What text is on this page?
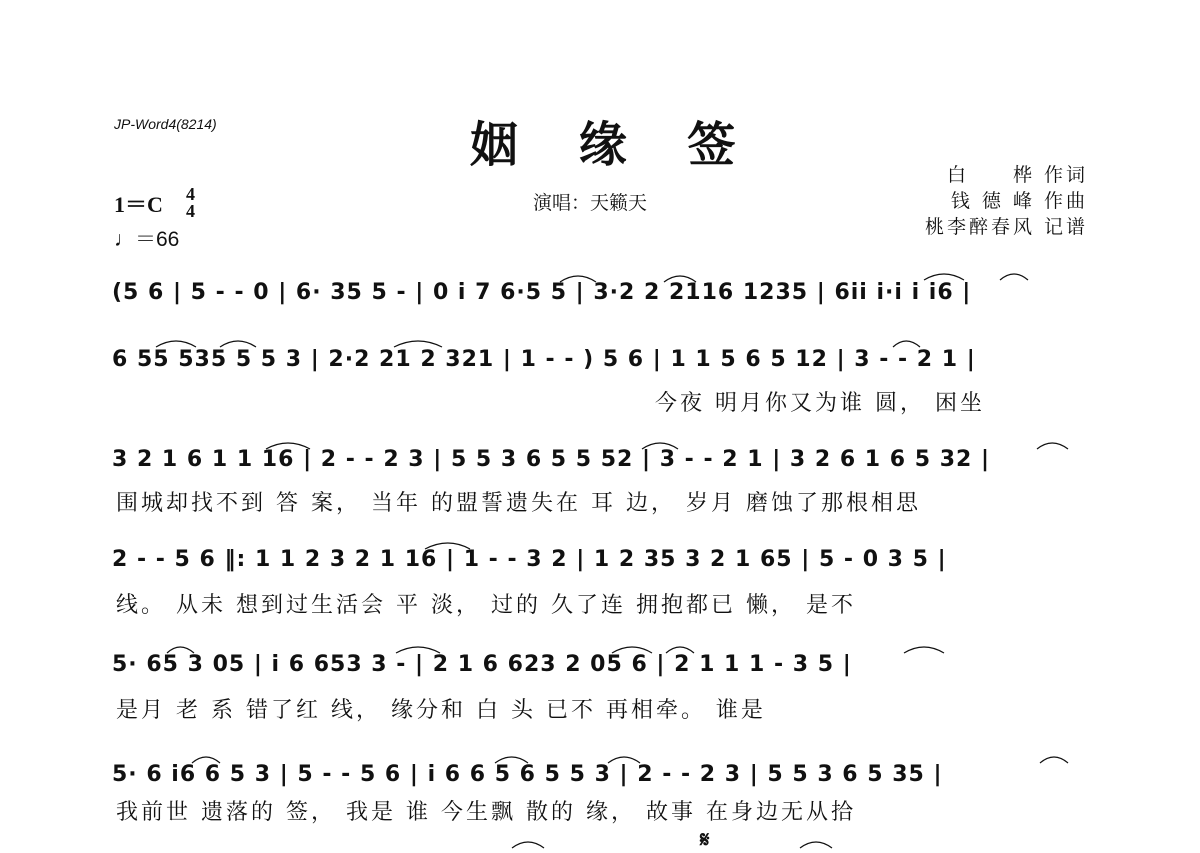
JP-Word4(8214)	姻 缘 签
演唱：天籁天
白　　桦 作词
钱 德 峰 作曲
桃李醉春风 记谱
1＝C 4
4
♩＝66
(5 6 | 5 - - 0 | 6· 35 5 - | 0 i 7 6·5 5 | 3·2 2 2116 1235 | 6ii i·i i i6 |
6 55 535 5 5 3 | 2·2 21 2 321 | 1 - - ) 5 6 | 1 1 5 6 5 12 | 3 - - 2 1 |
今夜 明月你又为谁 圆， 困坐
3 2 1 6 1 1 16 | 2 - - 2 3 | 5 5 3 6 5 5 52 | 3 - - 2 1 | 3 2 6 1 6 5 32 |
围城却找不到 答 案， 当年 的盟誓遗失在 耳 边， 岁月 磨蚀了那根相思
2 - - 5 6 ‖: 1 1 2 3 2 1 16 | 1 - - 3 2 | 1 2 35 3 2 1 65 | 5 - 0 3 5 |
线。 从未 想到过生活会 平 淡， 过的 久了连 拥抱都已 懒， 是不
5· 65 3 05 | i 6 653 3 - | 2 1 6 623 2 05 6 | 2 1 1 1 - 3 5 |
是月 老 系 错了红 线， 缘分和 白 头 已不 再相牵。 谁是
5· 6 i6 6 5 3 | 5 - - 5 6 | i 6 6 5 6 5 5 3 | 2 - - 2 3 | 5 5 3 6 5 35 |
我前世 遗落的 签， 我是 谁 今生飘 散的 缘， 故事 在身边无从拾
𝄋
